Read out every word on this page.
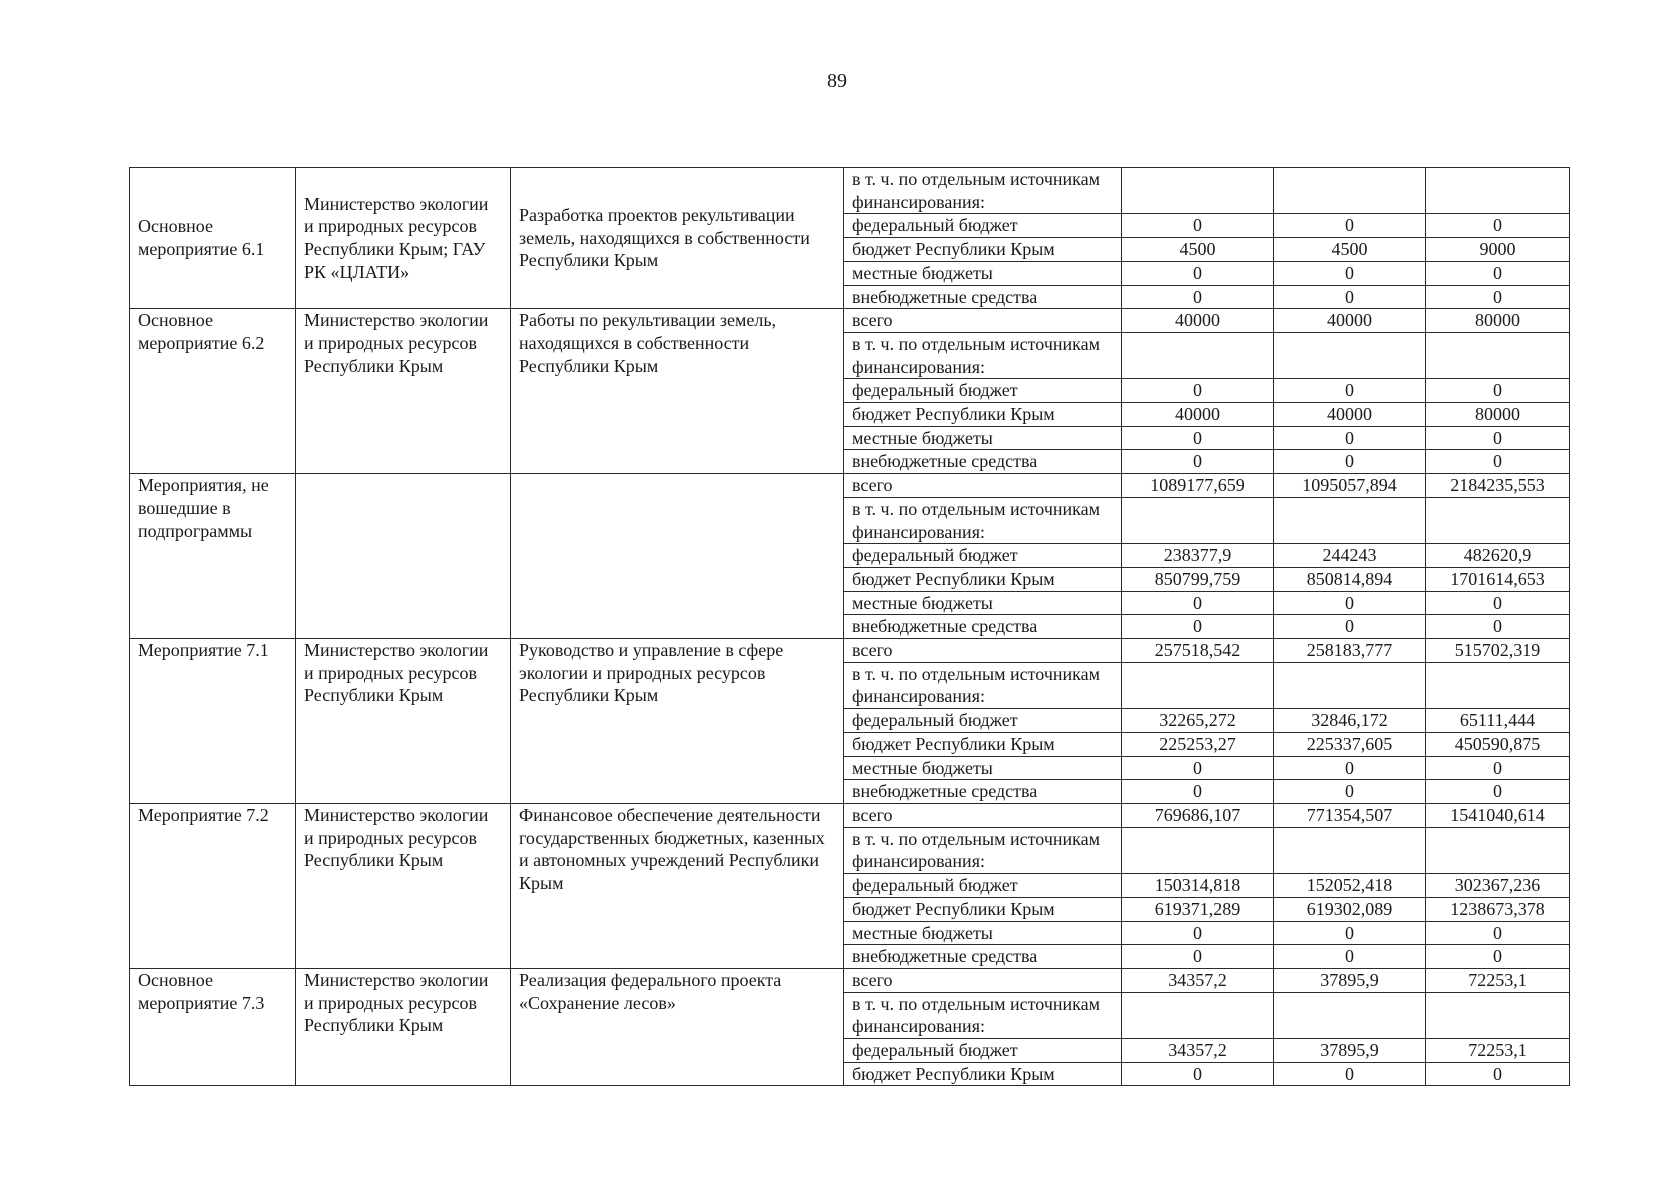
89
Основное мероприятие 6.1	Министерство экологии и природных ресурсов Республики Крым; ГАУ РК «ЦЛАТИ»	Разработка проектов рекультивации земель, находящихся в собственности Республики Крым	в т. ч. по отдельным источникам финансирования:			

			федеральный бюджет	0	0	0
			бюджет Республики Крым	4500	4500	9000
			местные бюджеты	0	0	0
			внебюджетные средства	0	0	0
Основное мероприятие 6.2	Министерство экологии и природных ресурсов Республики Крым	Работы по рекультивации земель, находящихся в собственности Республики Крым	всего	40000	40000	80000
			в т. ч. по отдельным источникам финансирования:			

			федеральный бюджет	0	0	0
			бюджет Республики Крым	40000	40000	80000
			местные бюджеты	0	0	0
			внебюджетные средства	0	0	0
Мероприятия, не вошедшие в подпрограммы			всего	1089177,659	1095057,894	2184235,553
			в т. ч. по отдельным источникам финансирования:			

			федеральный бюджет	238377,9	244243	482620,9
			бюджет Республики Крым	850799,759	850814,894	1701614,653
			местные бюджеты	0	0	0
			внебюджетные средства	0	0	0
Мероприятие 7.1	Министерство экологии и природных ресурсов Республики Крым	Руководство и управление в сфере экологии и природных ресурсов Республики Крым	всего	257518,542	258183,777	515702,319
			в т. ч. по отдельным источникам финансирования:			

			федеральный бюджет	32265,272	32846,172	65111,444
			бюджет Республики Крым	225253,27	225337,605	450590,875
			местные бюджеты	0	0	0
			внебюджетные средства	0	0	0
Мероприятие 7.2	Министерство экологии и природных ресурсов Республики Крым	Финансовое обеспечение деятельности государственных бюджетных, казенных и автономных учреждений Республики Крым	всего	769686,107	771354,507	1541040,614
			в т. ч. по отдельным источникам финансирования:			

			федеральный бюджет	150314,818	152052,418	302367,236
			бюджет Республики Крым	619371,289	619302,089	1238673,378
			местные бюджеты	0	0	0
			внебюджетные средства	0	0	0
Основное мероприятие 7.3	Министерство экологии и природных ресурсов Республики Крым	Реализация федерального проекта «Сохранение лесов»	всего	34357,2	37895,9	72253,1
			в т. ч. по отдельным источникам финансирования:			

			федеральный бюджет	34357,2	37895,9	72253,1
			бюджет Республики Крым	0	0	0
